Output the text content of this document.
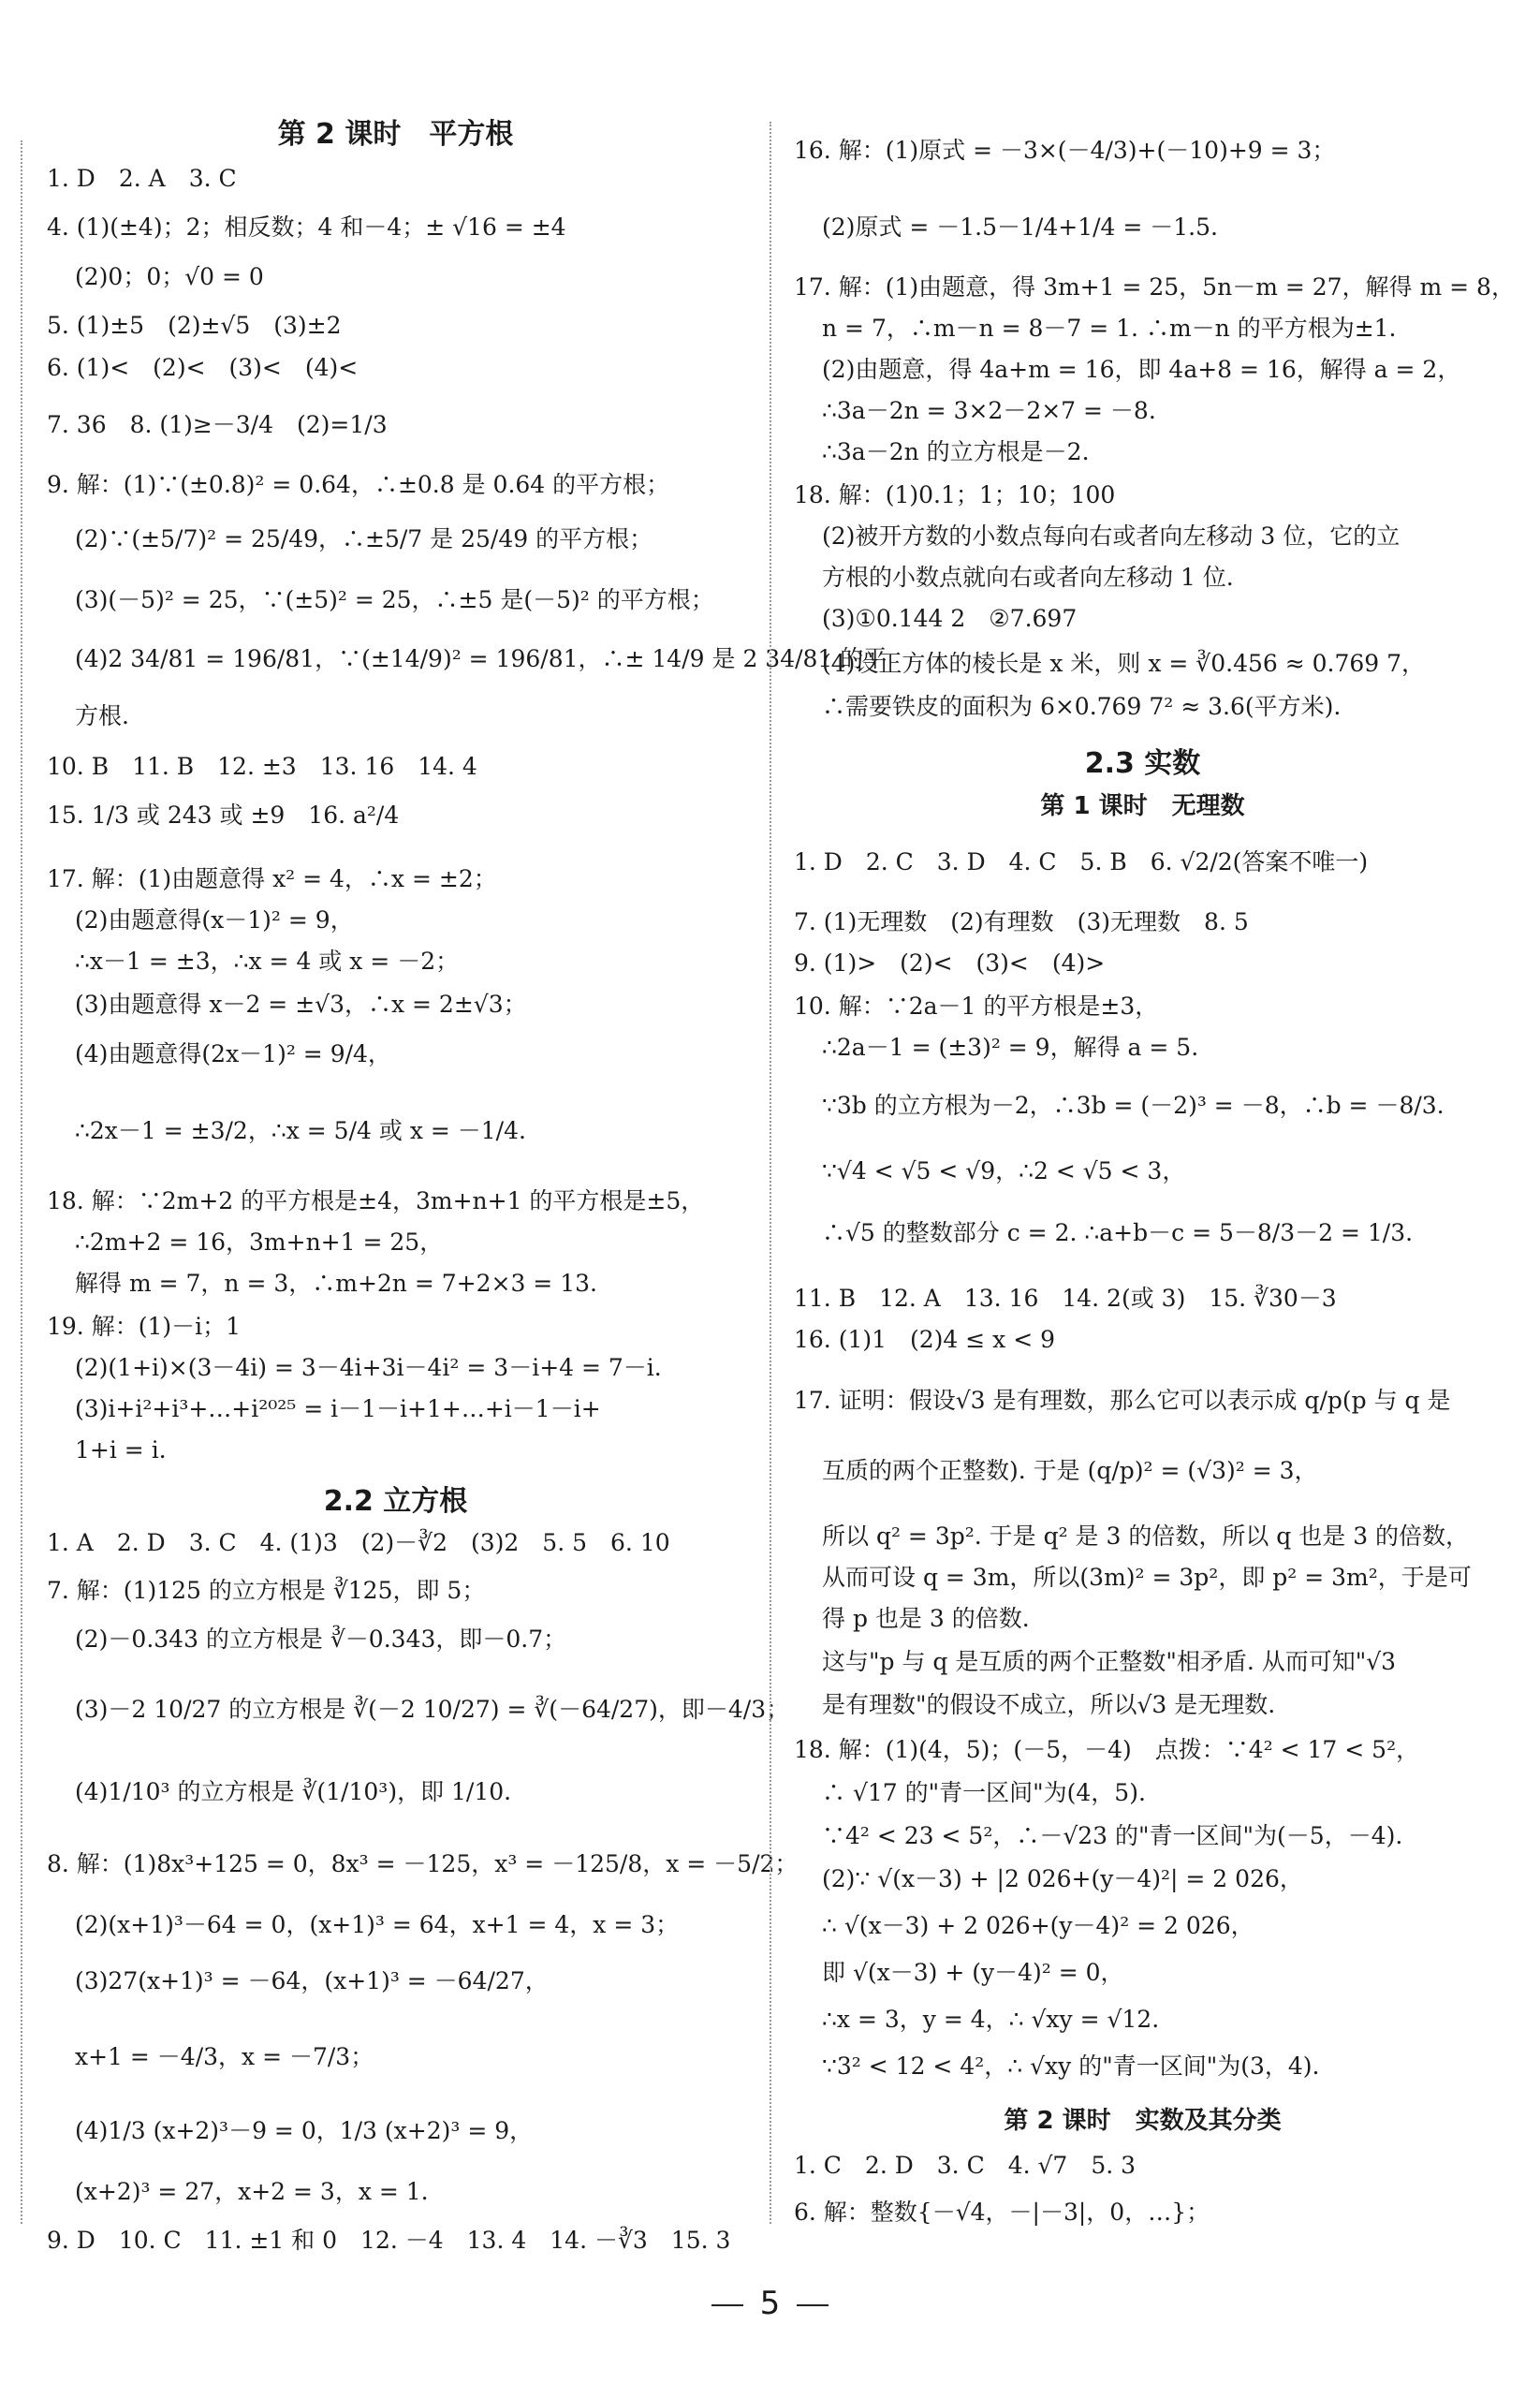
第 2 课时　平方根
1. D　2. A　3. C
4. (1)(±4)；2；相反数；4 和－4；± √16 = ±4
(2)0；0；√0 = 0
5. (1)±5　(2)±√5　(3)±2
6. (1)<　(2)<　(3)<　(4)<
7. 36　8. (1)≥－3/4　(2)=1/3
9. 解：(1)∵(±0.8)² = 0.64，∴±0.8 是 0.64 的平方根；
(2)∵(±5/7)² = 25/49，∴±5/7 是 25/49 的平方根；
(3)(－5)² = 25，∵(±5)² = 25，∴±5 是(－5)² 的平方根；
(4)2 34/81 = 196/81，∵(±14/9)² = 196/81，∴± 14/9 是 2 34/81 的平
方根.
10. B　11. B　12. ±3　13. 16　14. 4
15. 1/3 或 243 或 ±9　16. a²/4
17. 解：(1)由题意得 x² = 4，∴x = ±2；
(2)由题意得(x－1)² = 9，
∴x－1 = ±3，∴x = 4 或 x = －2；
(3)由题意得 x－2 = ±√3，∴x = 2±√3；
(4)由题意得(2x－1)² = 9/4，
∴2x－1 = ±3/2，∴x = 5/4 或 x = －1/4.
18. 解：∵2m+2 的平方根是±4，3m+n+1 的平方根是±5，
∴2m+2 = 16，3m+n+1 = 25，
解得 m = 7，n = 3，∴m+2n = 7+2×3 = 13.
19. 解：(1)－i；1
(2)(1+i)×(3－4i) = 3－4i+3i－4i² = 3－i+4 = 7－i.
(3)i+i²+i³+…+i²⁰²⁵ = i－1－i+1+…+i－1－i+
1+i = i.
2.2 立方根
1. A　2. D　3. C　4. (1)3　(2)－∛2　(3)2　5. 5　6. 10
7. 解：(1)125 的立方根是 ∛125，即 5；
(2)－0.343 的立方根是 ∛－0.343，即－0.7；
(3)－2 10/27 的立方根是 ∛(－2 10/27) = ∛(－64/27)，即－4/3；
(4)1/10³ 的立方根是 ∛(1/10³)，即 1/10.
8. 解：(1)8x³+125 = 0，8x³ = －125，x³ = －125/8，x = －5/2；
(2)(x+1)³－64 = 0，(x+1)³ = 64，x+1 = 4，x = 3；
(3)27(x+1)³ = －64，(x+1)³ = －64/27，
x+1 = －4/3，x = －7/3；
(4)1/3 (x+2)³－9 = 0，1/3 (x+2)³ = 9，
(x+2)³ = 27，x+2 = 3，x = 1.
9. D　10. C　11. ±1 和 0　12. －4　13. 4　14. －∛3　15. 3
16. 解：(1)原式 = －3×(－4/3)+(－10)+9 = 3；
(2)原式 = －1.5－1/4+1/4 = －1.5.
17. 解：(1)由题意，得 3m+1 = 25，5n－m = 27，解得 m = 8，
n = 7，∴m－n = 8－7 = 1. ∴m－n 的平方根为±1.
(2)由题意，得 4a+m = 16，即 4a+8 = 16，解得 a = 2，
∴3a－2n = 3×2－2×7 = －8.
∴3a－2n 的立方根是－2.
18. 解：(1)0.1；1；10；100
(2)被开方数的小数点每向右或者向左移动 3 位，它的立
方根的小数点就向右或者向左移动 1 位.
(3)①0.144 2　②7.697
(4)设正方体的棱长是 x 米，则 x = ∛0.456 ≈ 0.769 7，
∴需要铁皮的面积为 6×0.769 7² ≈ 3.6(平方米).
2.3 实数
第 1 课时　无理数
1. D　2. C　3. D　4. C　5. B　6. √2/2(答案不唯一)
7. (1)无理数　(2)有理数　(3)无理数　8. 5
9. (1)>　(2)<　(3)<　(4)>
10. 解：∵2a－1 的平方根是±3，
∴2a－1 = (±3)² = 9，解得 a = 5.
∵3b 的立方根为－2，∴3b = (－2)³ = －8，∴b = －8/3.
∵√4 < √5 < √9，∴2 < √5 < 3，
∴√5 的整数部分 c = 2. ∴a+b－c = 5－8/3－2 = 1/3.
11. B　12. A　13. 16　14. 2(或 3)　15. ∛30－3
16. (1)1　(2)4 ≤ x < 9
17. 证明：假设√3 是有理数，那么它可以表示成 q/p(p 与 q 是
互质的两个正整数). 于是 (q/p)² = (√3)² = 3，
所以 q² = 3p². 于是 q² 是 3 的倍数，所以 q 也是 3 的倍数，
从而可设 q = 3m，所以(3m)² = 3p²，即 p² = 3m²，于是可
得 p 也是 3 的倍数.
这与"p 与 q 是互质的两个正整数"相矛盾. 从而可知"√3
是有理数"的假设不成立，所以√3 是无理数.
18. 解：(1)(4，5)；(－5，－4)　点拨：∵4² < 17 < 5²，
∴ √17 的"青一区间"为(4，5).
∵4² < 23 < 5²，∴－√23 的"青一区间"为(－5，－4).
(2)∵ √(x－3) + |2 026+(y－4)²| = 2 026，
∴ √(x－3) + 2 026+(y－4)² = 2 026，
即 √(x－3) + (y－4)² = 0，
∴x = 3，y = 4，∴ √xy = √12.
∵3² < 12 < 4²，∴ √xy 的"青一区间"为(3，4).
第 2 课时　实数及其分类
1. C　2. D　3. C　4. √7　5. 3
6. 解：整数{－√4，－|－3|，0，…}；
5
